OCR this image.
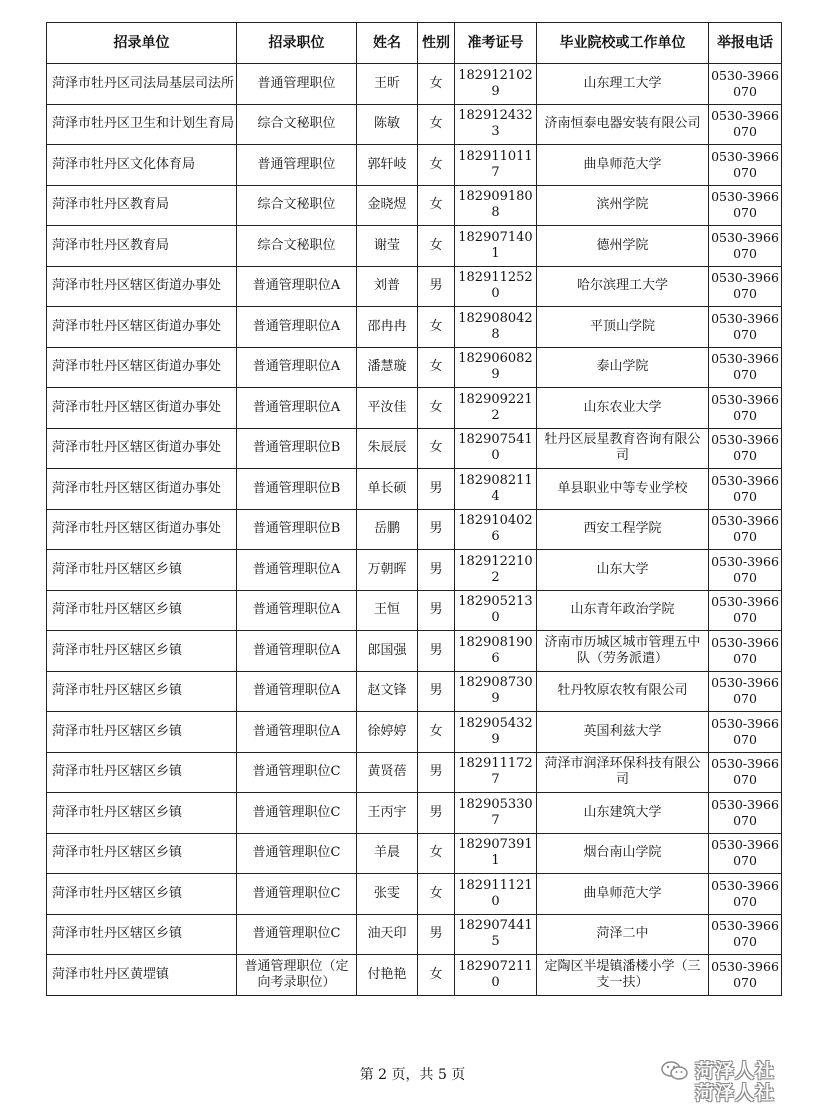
招录单位	招录职位	姓名	性别	准考证号	毕业院校或工作单位	举报电话
菏泽市牡丹区司法局基层司法所	普通管理职位	王昕	女	1829121029	山东理工大学	0530-3966070
菏泽市牡丹区卫生和计划生育局	综合文秘职位	陈敏	女	1829124323	济南恒泰电器安装有限公司	0530-3966070
菏泽市牡丹区文化体育局	普通管理职位	郭轩岐	女	1829110117	曲阜师范大学	0530-3966070
菏泽市牡丹区教育局	综合文秘职位	金晓煜	女	1829091808	滨州学院	0530-3966070
菏泽市牡丹区教育局	综合文秘职位	谢莹	女	1829071401	德州学院	0530-3966070
菏泽市牡丹区辖区街道办事处	普通管理职位A	刘普	男	1829112520	哈尔滨理工大学	0530-3966070
菏泽市牡丹区辖区街道办事处	普通管理职位A	邵冉冉	女	1829080428	平顶山学院	0530-3966070
菏泽市牡丹区辖区街道办事处	普通管理职位A	潘慧璇	女	1829060829	泰山学院	0530-3966070
菏泽市牡丹区辖区街道办事处	普通管理职位A	平汝佳	女	1829092212	山东农业大学	0530-3966070
菏泽市牡丹区辖区街道办事处	普通管理职位B	朱辰辰	女	1829075410	牡丹区辰星教育咨询有限公司	0530-3966070
菏泽市牡丹区辖区街道办事处	普通管理职位B	单长硕	男	1829082114	单县职业中等专业学校	0530-3966070
菏泽市牡丹区辖区街道办事处	普通管理职位B	岳鹏	男	1829104026	西安工程学院	0530-3966070
菏泽市牡丹区辖区乡镇	普通管理职位A	万朝晖	男	1829122102	山东大学	0530-3966070
菏泽市牡丹区辖区乡镇	普通管理职位A	王恒	男	1829052130	山东青年政治学院	0530-3966070
菏泽市牡丹区辖区乡镇	普通管理职位A	郎国强	男	1829081906	济南市历城区城市管理五中队（劳务派遣）	0530-3966070
菏泽市牡丹区辖区乡镇	普通管理职位A	赵文锋	男	1829087309	牡丹牧原农牧有限公司	0530-3966070
菏泽市牡丹区辖区乡镇	普通管理职位A	徐婷婷	女	1829054329	英国利兹大学	0530-3966070
菏泽市牡丹区辖区乡镇	普通管理职位C	黄贤蓓	男	1829111727	菏泽市润泽环保科技有限公司	0530-3966070
菏泽市牡丹区辖区乡镇	普通管理职位C	王丙宇	男	1829053307	山东建筑大学	0530-3966070
菏泽市牡丹区辖区乡镇	普通管理职位C	羊晨	女	1829073911	烟台南山学院	0530-3966070
菏泽市牡丹区辖区乡镇	普通管理职位C	张雯	女	1829111210	曲阜师范大学	0530-3966070
菏泽市牡丹区辖区乡镇	普通管理职位C	油天印	男	1829074415	菏泽二中	0530-3966070
菏泽市牡丹区黄堽镇	普通管理职位（定向考录职位）	付艳艳	女	1829072110	定陶区半堤镇潘楼小学（三支一扶）	0530-3966070
第 2 页，共 5 页	菏泽人社
菏泽人社
